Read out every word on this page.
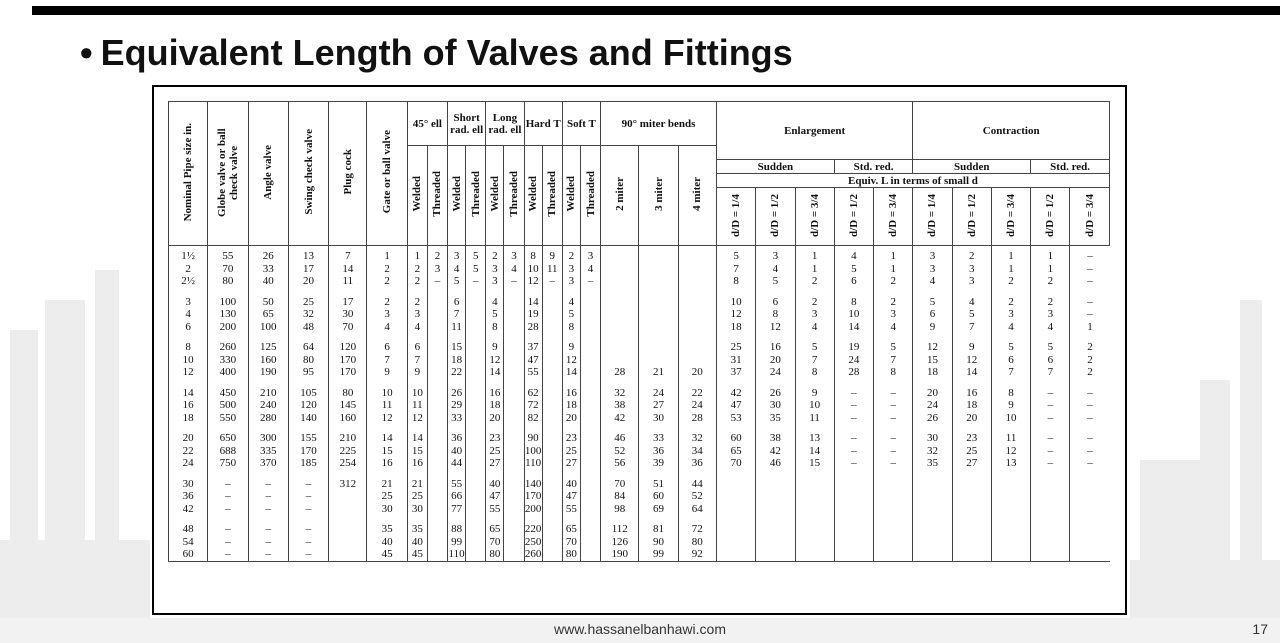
• Equivalent Length of Valves and Fittings
Nominal Pipe size in.	Globe valve or ball check valve	Angle valve	Swing check valve	Plug cock	Gate or ball valve	45° ell		Short rad. ell		Long rad. ell		Hard T		Soft T		90° miter bends			Enlargement					Contraction				
						Welded	Threaded	Welded	Threaded	Welded	Threaded	Welded	Threaded	Welded	Threaded	2 miter	3 miter	4 miter										
																			Sudden			Std. red.		Sudden			Std. red.	
																			Equiv. L in terms of small d									
																			d/D = 1/4	d/D = 1/2	d/D = 3/4	d/D = 1/2	d/D = 3/4	d/D = 1/4	d/D = 1/2	d/D = 3/4	d/D = 1/2	d/D = 3/4
1½	55	26	13	7	1	1	2	3	5	2	3	8	9	2	3				5	3	1	4	1	3	2	1	1	–
2	70	33	17	14	2	2	3	4	5	3	4	10	11	3	4				7	4	1	5	1	3	3	1	1	–
2½	80	40	20	11	2	2	–	5	–	3	–	12	–	3	–				8	5	2	6	2	4	3	2	2	–
3	100	50	25	17	2	2		6		4		14		4					10	6	2	8	2	5	4	2	2	–
4	130	65	32	30	3	3		7		5		19		5					12	8	3	10	3	6	5	3	3	–
6	200	100	48	70	4	4		11		8		28		8					18	12	4	14	4	9	7	4	4	1
8	260	125	64	120	6	6		15		9		37		9					25	16	5	19	5	12	9	5	5	2
10	330	160	80	170	7	7		18		12		47		12					31	20	7	24	7	15	12	6	6	2
12	400	190	95	170	9	9		22		14		55		14		28	21	20	37	24	8	28	8	18	14	7	7	2
14	450	210	105	80	10	10		26		16		62		16		32	24	22	42	26	9	–	–	20	16	8	–	–
16	500	240	120	145	11	11		29		18		72		18		38	27	24	47	30	10	–	–	24	18	9	–	–
18	550	280	140	160	12	12		33		20		82		20		42	30	28	53	35	11	–	–	26	20	10	–	–
20	650	300	155	210	14	14		36		23		90		23		46	33	32	60	38	13	–	–	30	23	11	–	–
22	688	335	170	225	15	15		40		25		100		25		52	36	34	65	42	14	–	–	32	25	12	–	–
24	750	370	185	254	16	16		44		27		110		27		56	39	36	70	46	15	–	–	35	27	13	–	–
30	–	–	–	312	21	21		55		40		140		40		70	51	44										
36	–	–	–		25	25		66		47		170		47		84	60	52										
42	–	–	–		30	30		77		55		200		55		98	69	64										
48	–	–	–		35	35		88		65		220		65		112	81	72										
54	–	–	–		40	40		99		70		250		70		126	90	80										
60	–	–	–		45	45		110		80		260		80		190	99	92										
www.hassanelbanhawi.com	17
